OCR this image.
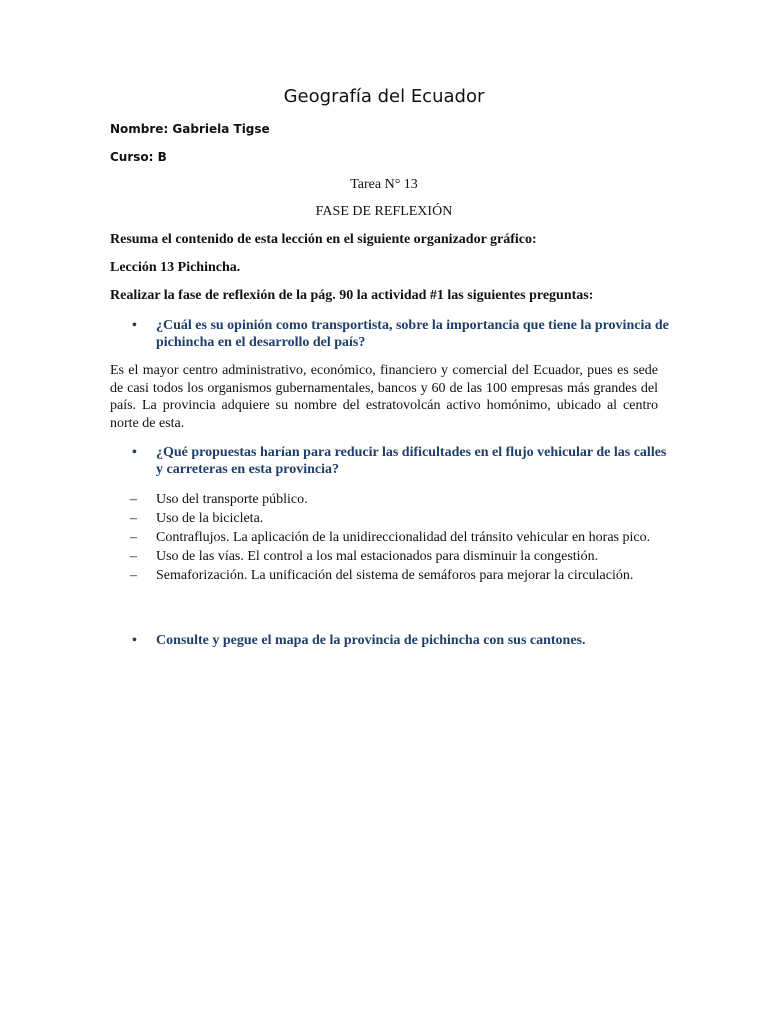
Geografía del Ecuador
Nombre: Gabriela Tigse
Curso: B
Tarea N° 13
FASE DE REFLEXIÓN
Resuma el contenido de esta lección en el siguiente organizador gráfico:
Lección 13 Pichincha.
Realizar la fase de reflexión de la pág. 90 la actividad #1 las siguientes preguntas:
• ¿Cuál es su opinión como transportista, sobre la importancia que tiene la provincia de pichincha en el desarrollo del país?
Es el mayor centro administrativo, económico, financiero y comercial del Ecuador, pues es sede de casi todos los organismos gubernamentales, bancos y 60 de las 100 empresas más grandes del país. La provincia adquiere su nombre del estratovolcán activo homónimo, ubicado al centro norte de esta.
• ¿Qué propuestas harían para reducir las dificultades en el flujo vehicular de las calles y carreteras en esta provincia?
– Uso del transporte público.
– Uso de la bicicleta.
– Contraflujos. La aplicación de la unidireccionalidad del tránsito vehicular en horas pico.
– Uso de las vías. El control a los mal estacionados para disminuir la congestión.
– Semaforización. La unificación del sistema de semáforos para mejorar la circulación.
• Consulte y pegue el mapa de la provincia de pichincha con sus cantones.
